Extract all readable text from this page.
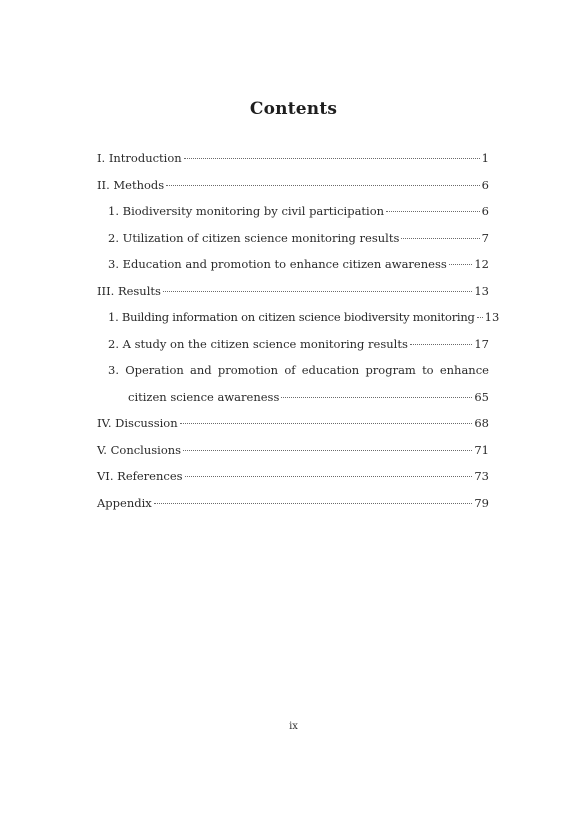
Contents
I. Introduction	1
II. Methods	6
1. Biodiversity monitoring by civil participation	6
2. Utilization of citizen science monitoring results	7
3. Education and promotion to enhance citizen awareness 12
III. Results	13
1. Building information on citizen science biodiversity monitoring 13
2. A study on the citizen science monitoring results	17
3. Operation and promotion of education program to enhance
citizen science awareness	65
IV. Discussion	68
V. Conclusions	71
VI. References	73
Appendix	79
ix
